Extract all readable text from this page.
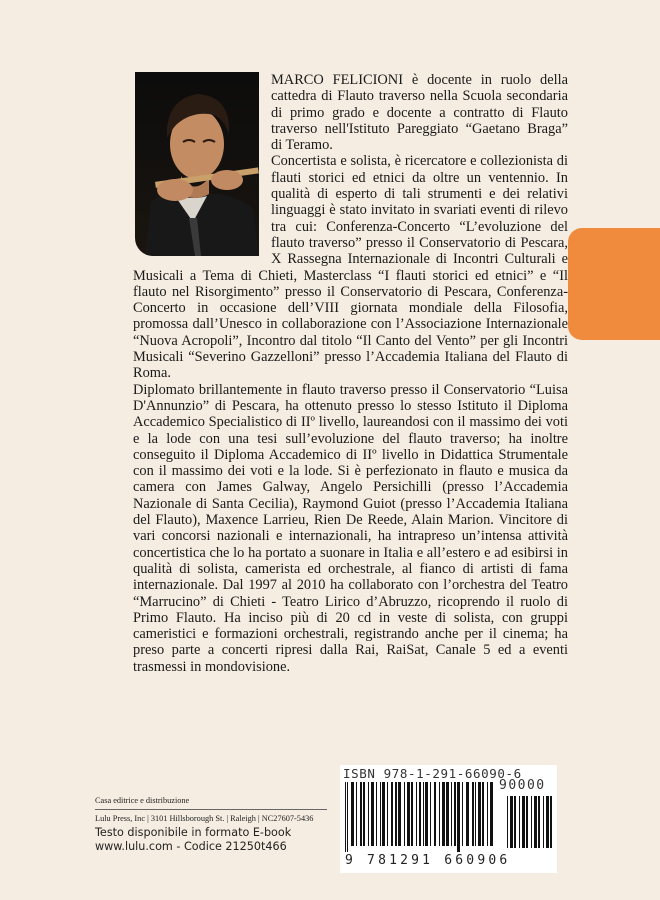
MARCO FELICIONI è docente in ruolo della cattedra di Flauto traverso nella Scuola secondaria di primo grado e docente a contratto di Flauto traverso nell'Istituto Pareggiato “Gaetano Braga” di Teramo.

Concertista e solista, è ricercatore e collezionista di flauti storici ed etnici da oltre un ventennio. In qualità di esperto di tali strumenti e dei relativi linguaggi è stato invitato in svariati eventi di rilevo tra cui: Conferenza-Concerto “L’evoluzione del flauto traverso” presso il Conservatorio di Pescara, X Rassegna Internazionale di Incontri Culturali e Musicali a Tema di Chieti, Masterclass “I flauti storici ed etnici” e “Il flauto nel Risorgimento” presso il Conservatorio di Pescara, Conferenza-Concerto in occasione dell’VIII giornata mondiale della Filosofia, promossa dall’Unesco in collaborazione con l’Associazione Internazionale “Nuova Acropoli”, Incontro dal titolo “Il Canto del Vento” per gli Incontri Musicali “Severino Gazzelloni” presso l’Accademia Italiana del Flauto di Roma.

Diplomato brillantemente in flauto traverso presso il Conservatorio “Luisa D'Annunzio” di Pescara, ha ottenuto presso lo stesso Istituto il Diploma Accademico Specialistico di IIº livello, laureandosi con il massimo dei voti e la lode con una tesi sull’evoluzione del flauto traverso; ha inoltre conseguito il Diploma Accademico di IIº livello in Didattica Strumentale con il massimo dei voti e la lode. Si è perfezionato in flauto e musica da camera con James Galway, Angelo Persichilli (presso l’Accademia Nazionale di Santa Cecilia), Raymond Guiot (presso l’Accademia Italiana del Flauto), Maxence Larrieu, Rien De Reede, Alain Marion. Vincitore di vari concorsi nazionali e internazionali, ha intrapreso un’intensa attività concertistica che lo ha portato a suonare in Italia e all’estero e ad esibirsi in qualità di solista, camerista ed orchestrale, al fianco di artisti di fama internazionale. Dal 1997 al 2010 ha collaborato con l’orchestra del Teatro “Marrucino” di Chieti - Teatro Lirico d’Abruzzo, ricoprendo il ruolo di Primo Flauto. Ha inciso più di 20 cd in veste di solista, con gruppi cameristici e formazioni orchestrali, registrando anche per il cinema; ha preso parte a concerti ripresi dalla Rai, RaiSat, Canale 5 ed a eventi trasmessi in mondovisione.

Casa editrice e distribuzione
Lulu Press, Inc | 3101 Hillsborough St. | Raleigh | NC27607-5436
Testo disponibile in formato E-book
www.lulu.com - Codice 21250t466
ISBN 978-1-291-66090-6
90000
9 781291 660906
